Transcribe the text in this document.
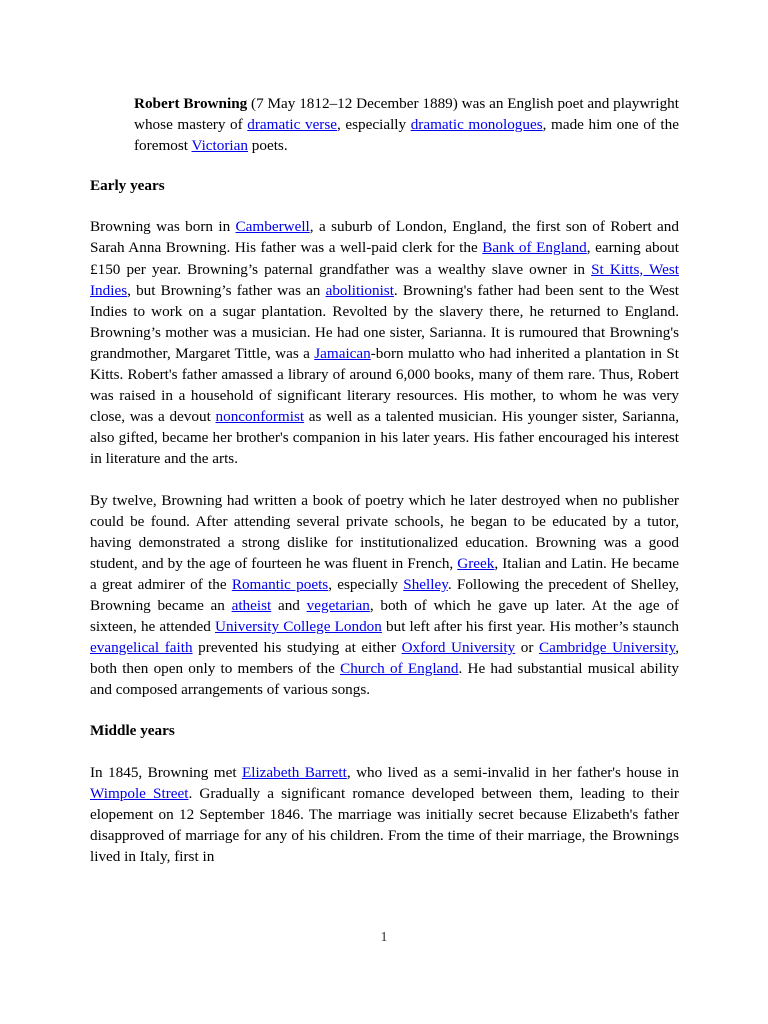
Robert Browning (7 May 1812–12 December 1889) was an English poet and playwright whose mastery of dramatic verse, especially dramatic monologues, made him one of the foremost Victorian poets.

Early years

Browning was born in Camberwell, a suburb of London, England, the first son of Robert and Sarah Anna Browning. His father was a well-paid clerk for the Bank of England, earning about £150 per year. Browning’s paternal grandfather was a wealthy slave owner in St Kitts, West Indies, but Browning’s father was an abolitionist. Browning's father had been sent to the West Indies to work on a sugar plantation. Revolted by the slavery there, he returned to England. Browning’s mother was a musician. He had one sister, Sarianna. It is rumoured that Browning's grandmother, Margaret Tittle, was a Jamaican-born mulatto who had inherited a plantation in St Kitts. Robert's father amassed a library of around 6,000 books, many of them rare. Thus, Robert was raised in a household of significant literary resources. His mother, to whom he was very close, was a devout nonconformist as well as a talented musician. His younger sister, Sarianna, also gifted, became her brother's companion in his later years. His father encouraged his interest in literature and the arts.

By twelve, Browning had written a book of poetry which he later destroyed when no publisher could be found. After attending several private schools, he began to be educated by a tutor, having demonstrated a strong dislike for institutionalized education. Browning was a good student, and by the age of fourteen he was fluent in French, Greek, Italian and Latin. He became a great admirer of the Romantic poets, especially Shelley. Following the precedent of Shelley, Browning became an atheist and vegetarian, both of which he gave up later. At the age of sixteen, he attended University College London but left after his first year. His mother’s staunch evangelical faith prevented his studying at either Oxford University or Cambridge University, both then open only to members of the Church of England. He had substantial musical ability and composed arrangements of various songs.

Middle years

In 1845, Browning met Elizabeth Barrett, who lived as a semi-invalid in her father's house in Wimpole Street. Gradually a significant romance developed between them, leading to their elopement on 12 September 1846. The marriage was initially secret because Elizabeth's father disapproved of marriage for any of his children. From the time of their marriage, the Brownings lived in Italy, first in

1
